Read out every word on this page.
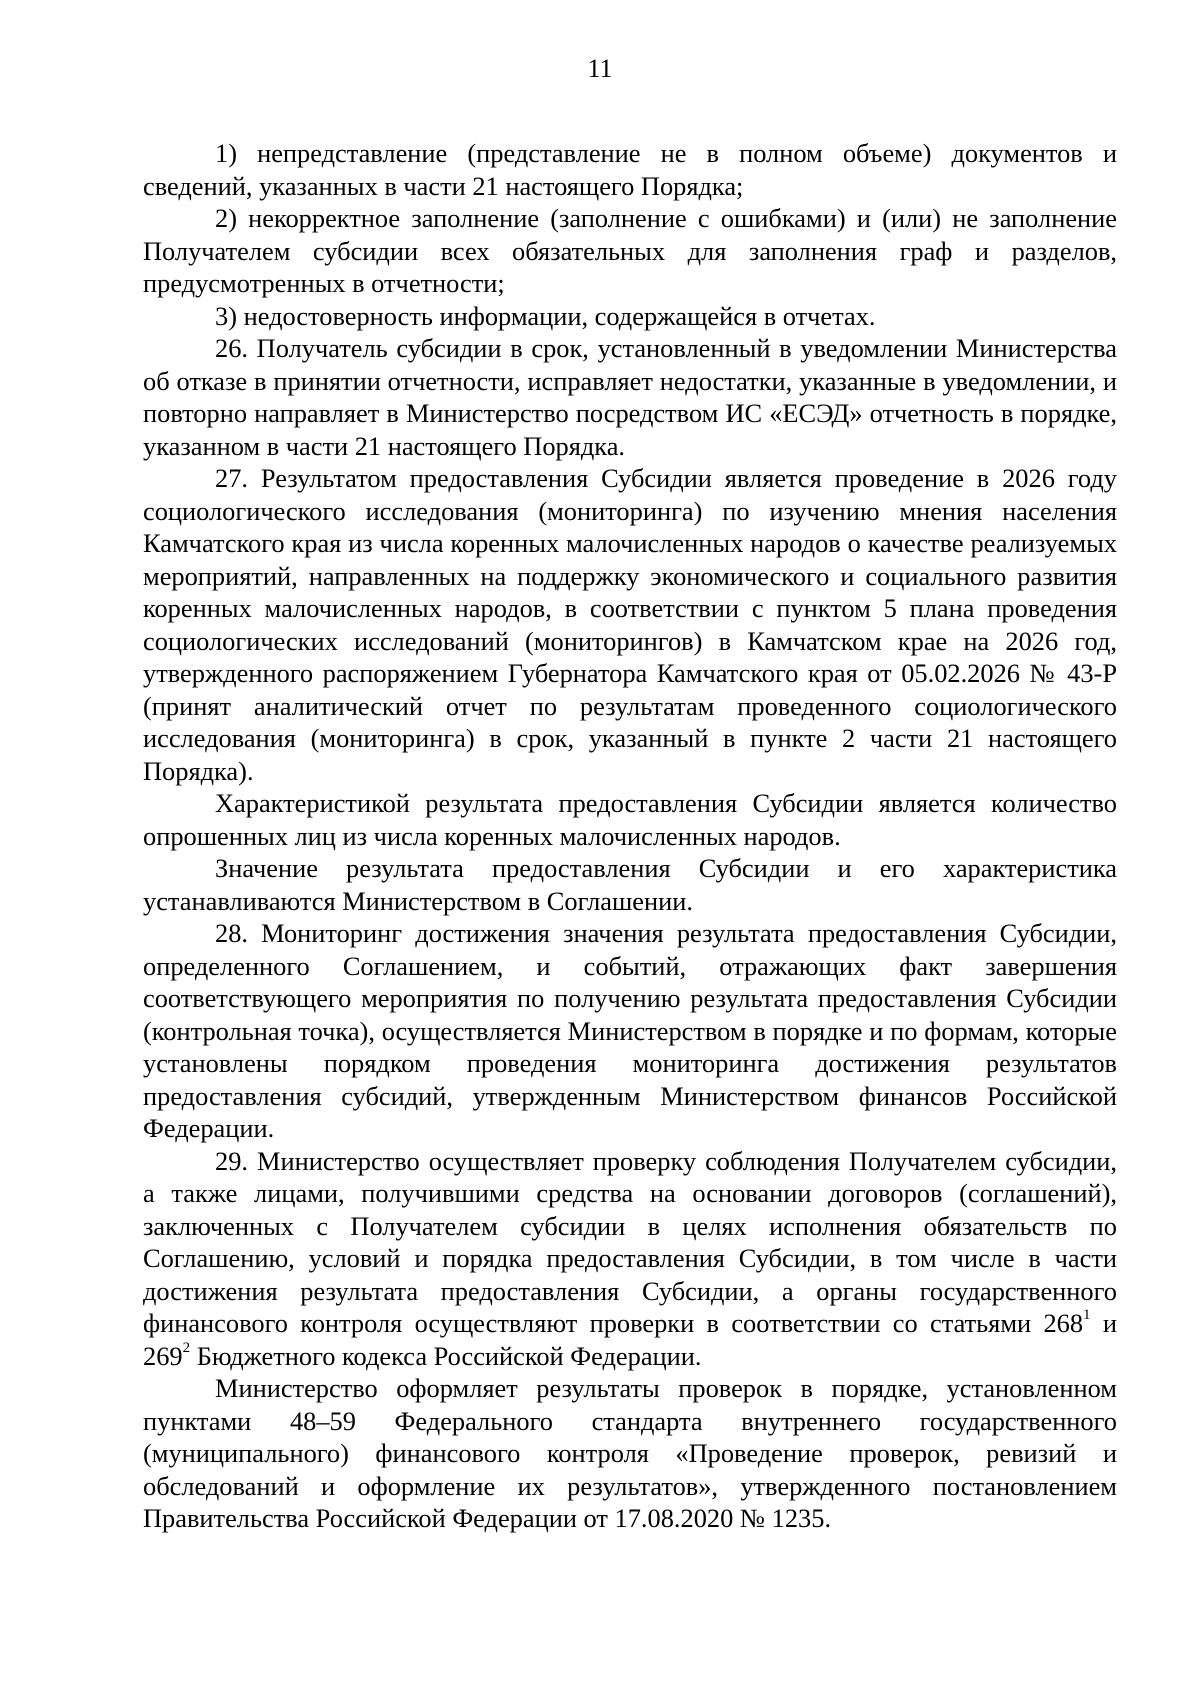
11

1) непредставление (представление не в полном объеме) документов и сведений, указанных в части 21 настоящего Порядка;

2) некорректное заполнение (заполнение с ошибками) и (или) не заполнение Получателем субсидии всех обязательных для заполнения граф и разделов, предусмотренных в отчетности;

3) недостоверность информации, содержащейся в отчетах.

26. Получатель субсидии в срок, установленный в уведомлении Министерства об отказе в принятии отчетности, исправляет недостатки, указанные в уведомлении, и повторно направляет в Министерство посредством ИС «ЕСЭД» отчетность в порядке, указанном в части 21 настоящего Порядка.

27. Результатом предоставления Субсидии является проведение в 2026 году социологического исследования (мониторинга) по изучению мнения населения Камчатского края из числа коренных малочисленных народов о качестве реализуемых мероприятий, направленных на поддержку экономического и социального развития коренных малочисленных народов, в соответствии с пунктом 5 плана проведения социологических исследований (мониторингов) в Камчатском крае на 2026 год, утвержденного распоряжением Губернатора Камчатского края от 05.02.2026 № 43-Р (принят аналитический отчет по результатам проведенного социологического исследования (мониторинга) в срок, указанный в пункте 2 части 21 настоящего Порядка).

Характеристикой результата предоставления Субсидии является количество опрошенных лиц из числа коренных малочисленных народов.

Значение результата предоставления Субсидии и его характеристика устанавливаются Министерством в Соглашении.

28. Мониторинг достижения значения результата предоставления Субсидии, определенного Соглашением, и событий, отражающих факт завершения соответствующего мероприятия по получению результата предоставления Субсидии (контрольная точка), осуществляется Министерством в порядке и по формам, которые установлены порядком проведения мониторинга достижения результатов предоставления субсидий, утвержденным Министерством финансов Российской Федерации.

29. Министерство осуществляет проверку соблюдения Получателем субсидии, а также лицами, получившими средства на основании договоров (соглашений), заключенных с Получателем субсидии в целях исполнения обязательств по Соглашению, условий и порядка предоставления Субсидии, в том числе в части достижения результата предоставления Субсидии, а органы государственного финансового контроля осуществляют проверки в соответствии со статьями $268^1$ и $269^2$ Бюджетного кодекса Российской Федерации.

Министерство оформляет результаты проверок в порядке, установленном пунктами 48–59 Федерального стандарта внутреннего государственного (муниципального) финансового контроля «Проведение проверок, ревизий и обследований и оформление их результатов», утвержденного постановлением Правительства Российской Федерации от 17.08.2020 № 1235.
